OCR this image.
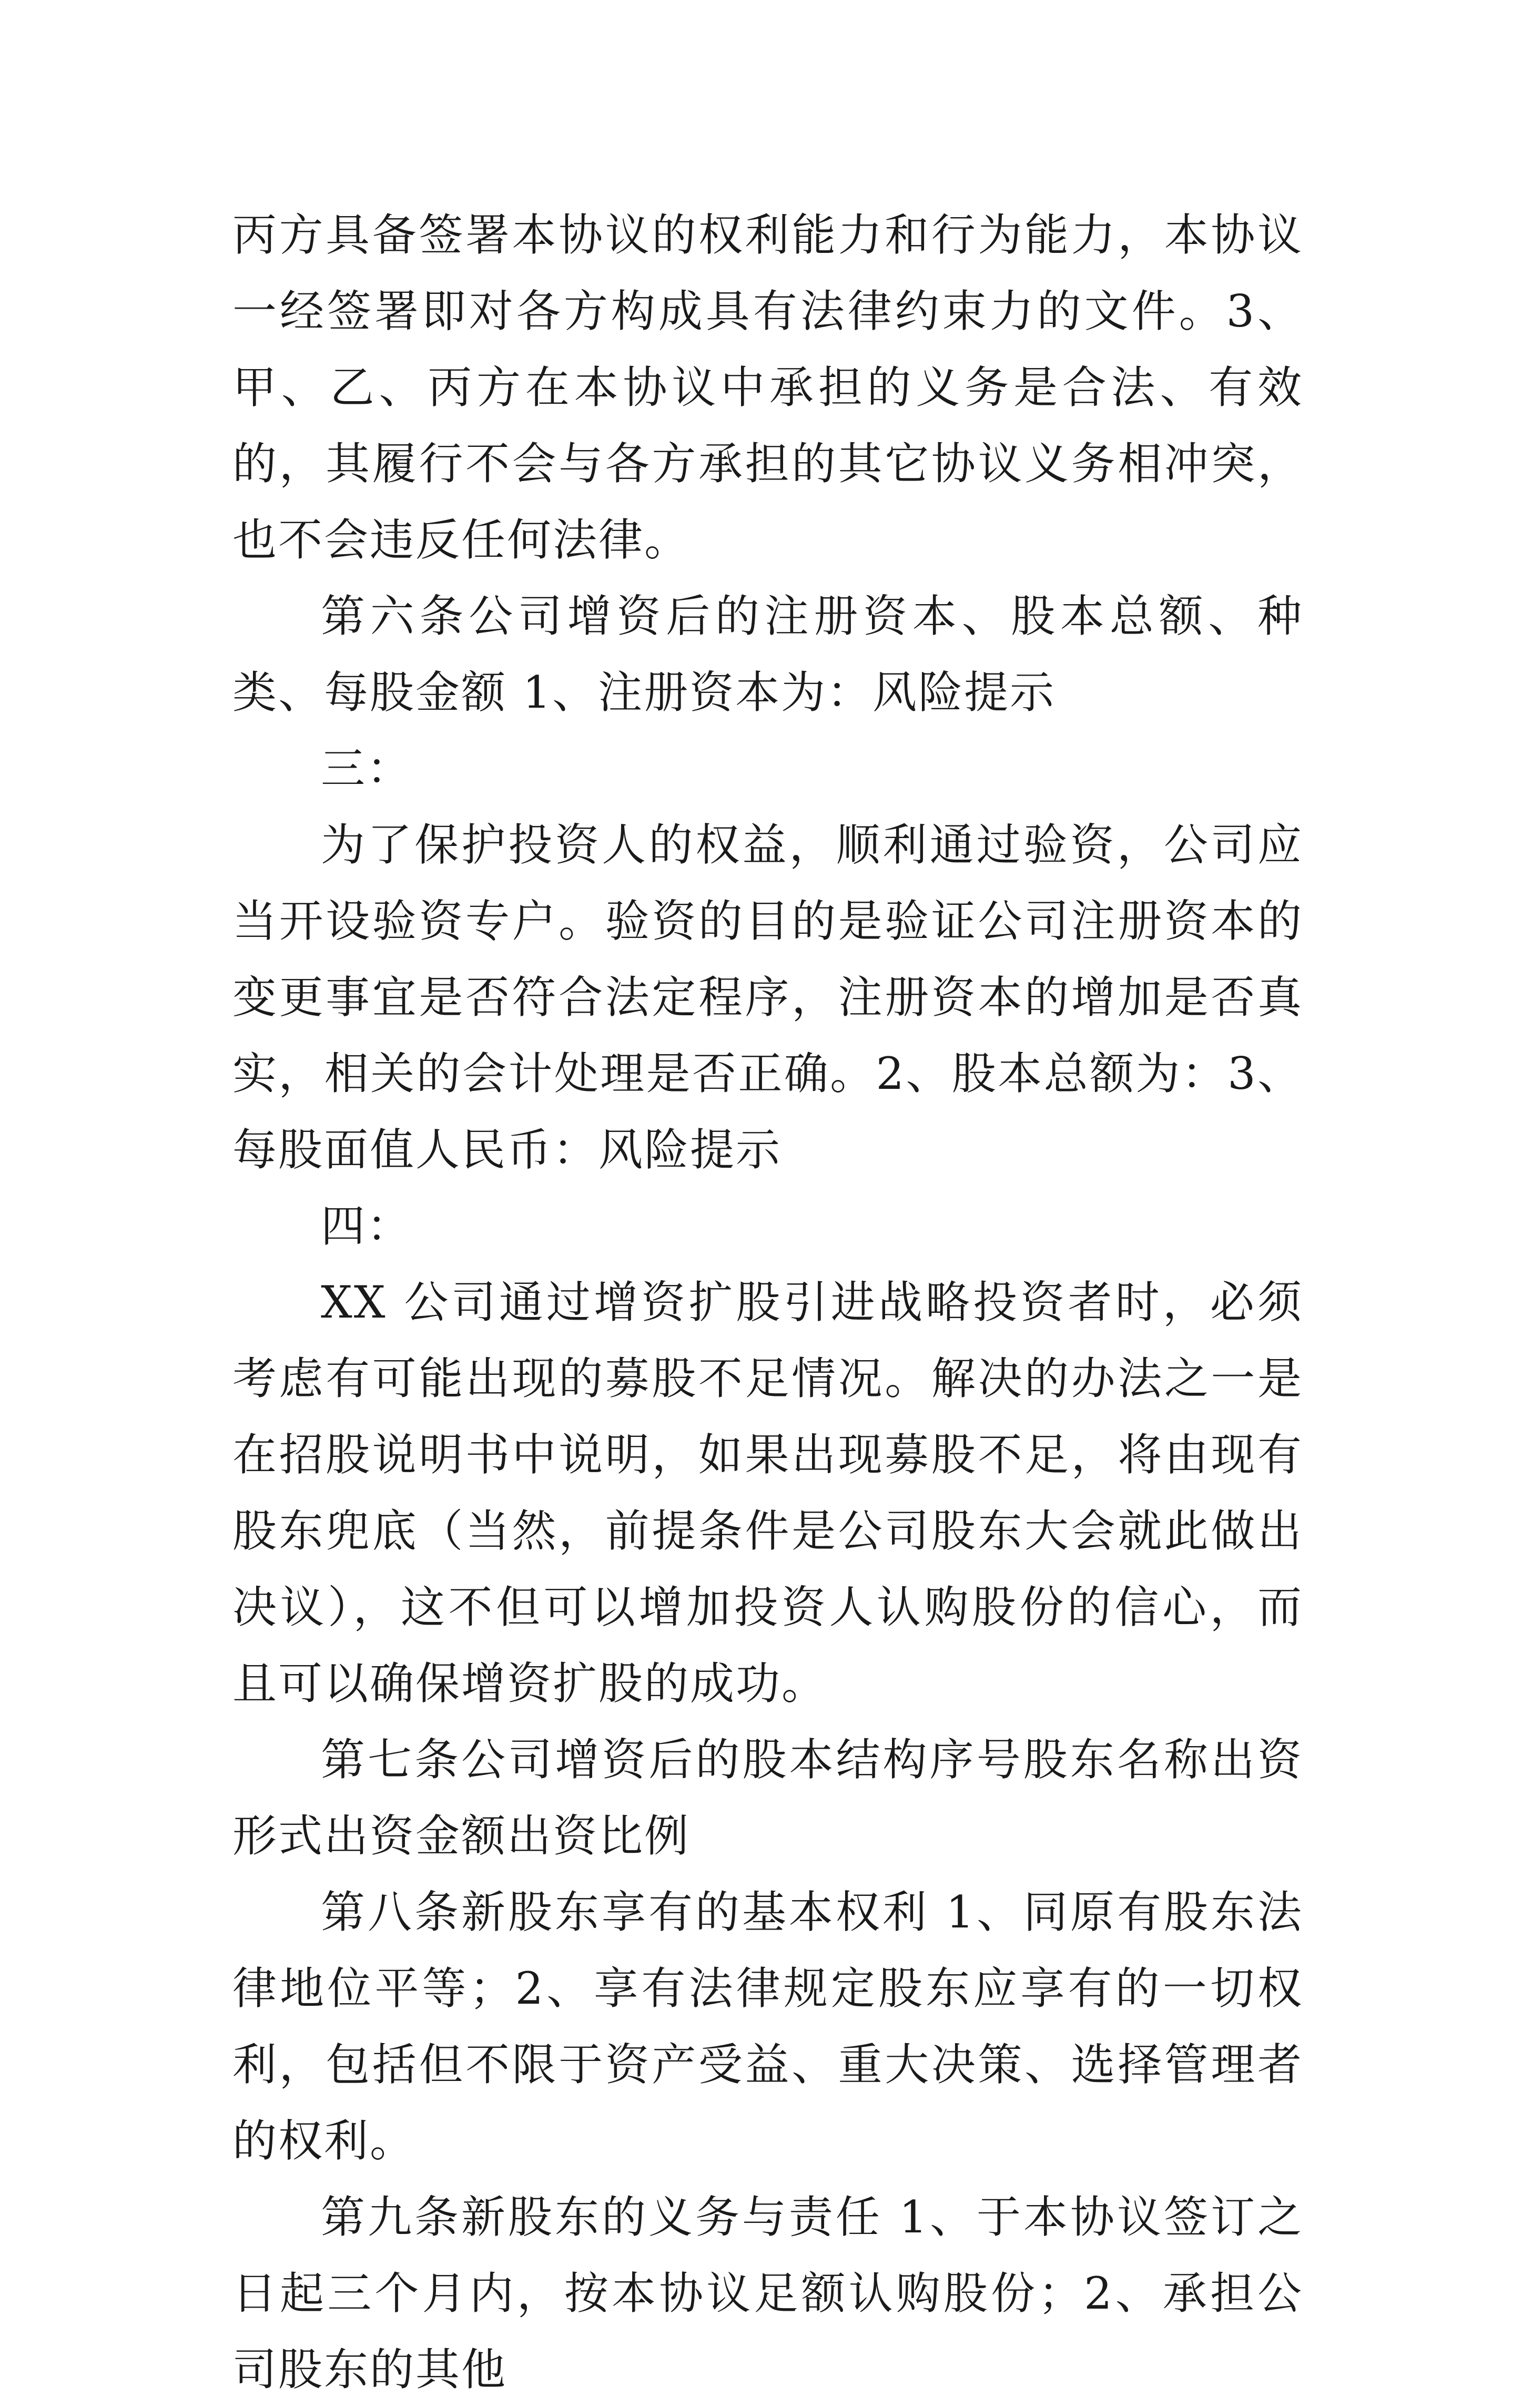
丙方具备签署本协议的权利能力和行为能力，本协议一经签署即对各方构成具有法律约束力的文件。3、甲、乙、丙方在本协议中承担的义务是合法、有效的，其履行不会与各方承担的其它协议义务相冲突，也不会违反任何法律。

第六条公司增资后的注册资本、股本总额、种类、每股金额 1、注册资本为：风险提示

三：

为了保护投资人的权益，顺利通过验资，公司应当开设验资专户。验资的目的是验证公司注册资本的变更事宜是否符合法定程序，注册资本的增加是否真实，相关的会计处理是否正确。2、股本总额为：3、每股面值人民币：风险提示

四：

XX 公司通过增资扩股引进战略投资者时，必须考虑有可能出现的募股不足情况。解决的办法之一是在招股说明书中说明，如果出现募股不足，将由现有股东兜底（当然，前提条件是公司股东大会就此做出决议），这不但可以增加投资人认购股份的信心，而且可以确保增资扩股的成功。

第七条公司增资后的股本结构序号股东名称出资形式出资金额出资比例

第八条新股东享有的基本权利 1、同原有股东法律地位平等；2、享有法律规定股东应享有的一切权利，包括但不限于资产受益、重大决策、选择管理者的权利。

第九条新股东的义务与责任 1、于本协议签订之日起三个月内，按本协议足额认购股份；2、承担公司股东的其他
